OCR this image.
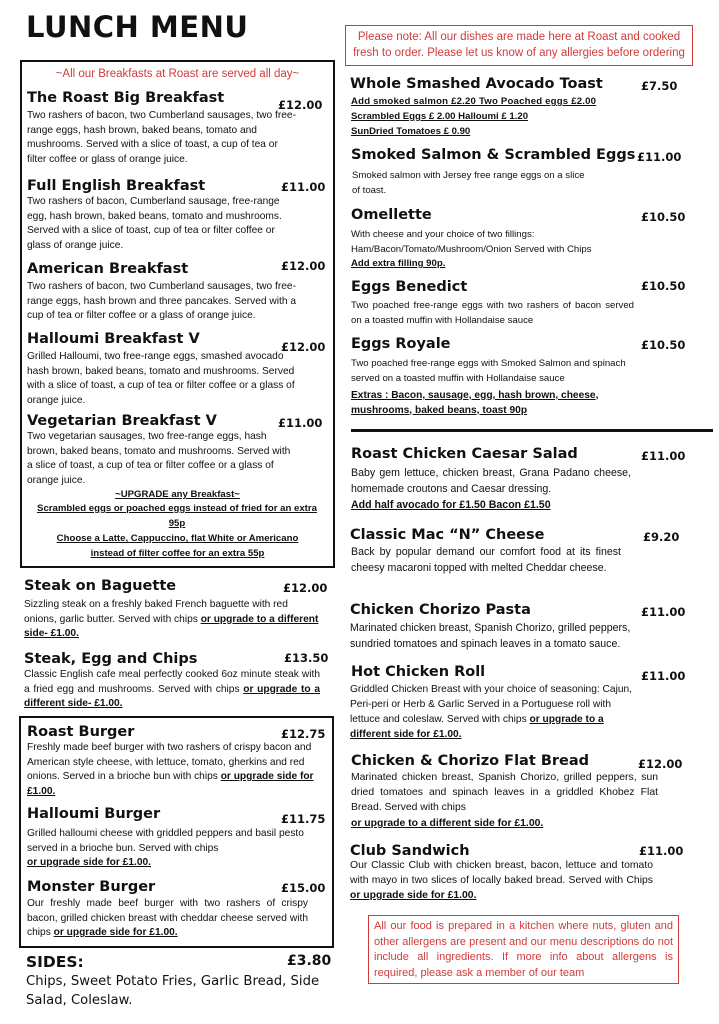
LUNCH MENU	Please note: All our dishes are made here at Roast and cooked fresh to order. Please let us know of any allergies before ordering
~All our Breakfasts at Roast are served all day~
The Roast Big Breakfast	£12.00
Two rashers of bacon, two Cumberland sausages, two free-range eggs, hash brown, baked beans, tomato and mushrooms. Served with a slice of toast, a cup of tea or filter coffee or glass of orange juice.
Full English Breakfast	£11.00
Two rashers of bacon, Cumberland sausage, free-range egg, hash brown, baked beans, tomato and mushrooms. Served with a slice of toast, cup of tea or filter coffee or glass of orange juice.
American Breakfast	£12.00
Two rashers of bacon, two Cumberland sausages, two free-range eggs, hash brown and three pancakes. Served with a cup of tea or filter coffee or a glass of orange juice.
Halloumi Breakfast V	£12.00
Grilled Halloumi, two free-range eggs, smashed avocado hash brown, baked beans, tomato and mushrooms. Served with a slice of toast, a cup of tea or filter coffee or a glass of orange juice.
Vegetarian Breakfast V	£11.00
Two vegetarian sausages, two free-range eggs, hash brown, baked beans, tomato and mushrooms. Served with a slice of toast, a cup of tea or filter coffee or a glass of orange juice.
~UPGRADE any Breakfast~
Scrambled eggs or poached eggs instead of fried for an extra 95p
Choose a Latte, Cappuccino, flat White or Americano instead of filter coffee for an extra 55p
Steak on Baguette	£12.00
Sizzling steak on a freshly baked French baguette with red onions, garlic butter. Served with chips or upgrade to a different side- £1.00.
Steak, Egg and Chips	£13.50
Classic English cafe meal perfectly cooked 6oz minute steak with a fried egg and mushrooms. Served with chips or upgrade to a different side- £1.00.
Roast Burger	£12.75
Freshly made beef burger with two rashers of crispy bacon and American style cheese, with lettuce, tomato, gherkins and red onions. Served in a brioche bun with chips or upgrade side for £1.00.
Halloumi Burger	£11.75
Grilled halloumi cheese with griddled peppers and basil pesto served in a brioche bun. Served with chips
or upgrade side for £1.00.
Monster Burger	£15.00
Our freshly made beef burger with two rashers of crispy bacon, grilled chicken breast with cheddar cheese served with chips or upgrade side for £1.00.
SIDES:	£3.80
Chips, Sweet Potato Fries, Garlic Bread, Side Salad, Coleslaw.
Whole Smashed Avocado Toast	£7.50
Add smoked salmon £2.20 Two Poached eggs £2.00
Scrambled Eggs £ 2.00 Halloumi £ 1.20
SunDried Tomatoes £ 0.90
Smoked Salmon & Scrambled Eggs £11.00
Smoked salmon with Jersey free range eggs on a slice of toast.
Omellette	£10.50
With cheese and your choice of two fillings: Ham/Bacon/Tomato/Mushroom/Onion Served with Chips
Add extra filling 90p.
Eggs Benedict	£10.50
Two poached free-range eggs with two rashers of bacon served on a toasted muffin with Hollandaise sauce
Eggs Royale	£10.50
Two poached free-range eggs with Smoked Salmon and spinach served on a toasted muffin with Hollandaise sauce
Extras : Bacon, sausage, egg, hash brown, cheese, mushrooms, baked beans, toast 90p
Roast Chicken Caesar Salad	£11.00
Baby gem lettuce, chicken breast, Grana Padano cheese, homemade croutons and Caesar dressing.
Add half avocado for £1.50 Bacon £1.50
Classic Mac “N” Cheese	£9.20
Back by popular demand our comfort food at its finest cheesy macaroni topped with melted Cheddar cheese.
Chicken Chorizo Pasta	£11.00
Marinated chicken breast, Spanish Chorizo, grilled peppers, sundried tomatoes and spinach leaves in a tomato sauce.
Hot Chicken Roll	£11.00
Griddled Chicken Breast with your choice of seasoning: Cajun, Peri-peri or Herb & Garlic Served in a Portuguese roll with lettuce and coleslaw. Served with chips or upgrade to a different side for £1.00.
Chicken & Chorizo Flat Bread	£12.00
Marinated chicken breast, Spanish Chorizo, grilled peppers, sun dried tomatoes and spinach leaves in a griddled Khobez Flat Bread. Served with chips
or upgrade to a different side for £1.00.
Club Sandwich	£11.00
Our Classic Club with chicken breast, bacon, lettuce and tomato with mayo in two slices of locally baked bread. Served with Chips or upgrade side for £1.00.
All our food is prepared in a kitchen where nuts, gluten and other allergens are present and our menu descriptions do not include all ingredients. If more info about allergens is required, please ask a member of our team
